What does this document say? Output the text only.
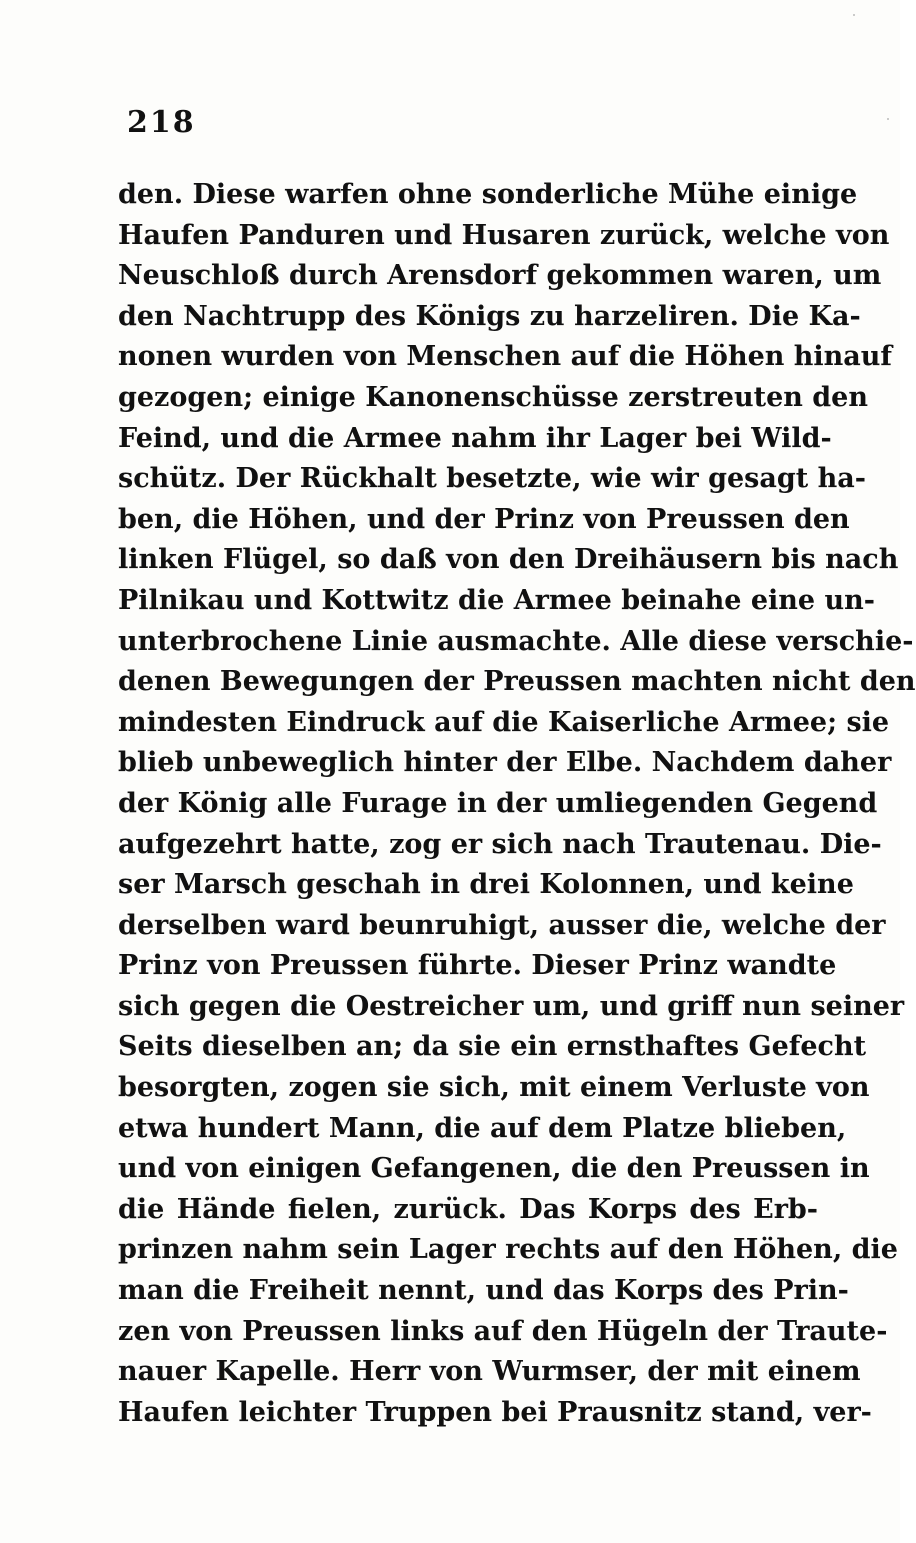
218
den. Diese warfen ohne sonderliche Mühe einige
Haufen Panduren und Husaren zurück, welche von
Neuschloß durch Arensdorf gekommen waren, um
den Nachtrupp des Königs zu harzeliren. Die Ka-
nonen wurden von Menschen auf die Höhen hinauf
gezogen; einige Kanonenschüsse zerstreuten den
Feind, und die Armee nahm ihr Lager bei Wild-
schütz. Der Rückhalt besetzte, wie wir gesagt ha-
ben, die Höhen, und der Prinz von Preussen den
linken Flügel, so daß von den Dreihäusern bis nach
Pilnikau und Kottwitz die Armee beinahe eine un-
unterbrochene Linie ausmachte. Alle diese verschie-
denen Bewegungen der Preussen machten nicht den
mindesten Eindruck auf die Kaiserliche Armee; sie
blieb unbeweglich hinter der Elbe. Nachdem daher
der König alle Furage in der umliegenden Gegend
aufgezehrt hatte, zog er sich nach Trautenau. Die-
ser Marsch geschah in drei Kolonnen, und keine
derselben ward beunruhigt, ausser die, welche der
Prinz von Preussen führte. Dieser Prinz wandte
sich gegen die Oestreicher um, und griff nun seiner
Seits dieselben an; da sie ein ernsthaftes Gefecht
besorgten, zogen sie sich, mit einem Verluste von
etwa hundert Mann, die auf dem Platze blieben,
und von einigen Gefangenen, die den Preussen in
die Hände fielen, zurück. Das Korps des Erb-
prinzen nahm sein Lager rechts auf den Höhen, die
man die Freiheit nennt, und das Korps des Prin-
zen von Preussen links auf den Hügeln der Traute-
nauer Kapelle. Herr von Wurmser, der mit einem
Haufen leichter Truppen bei Prausnitz stand, ver-
